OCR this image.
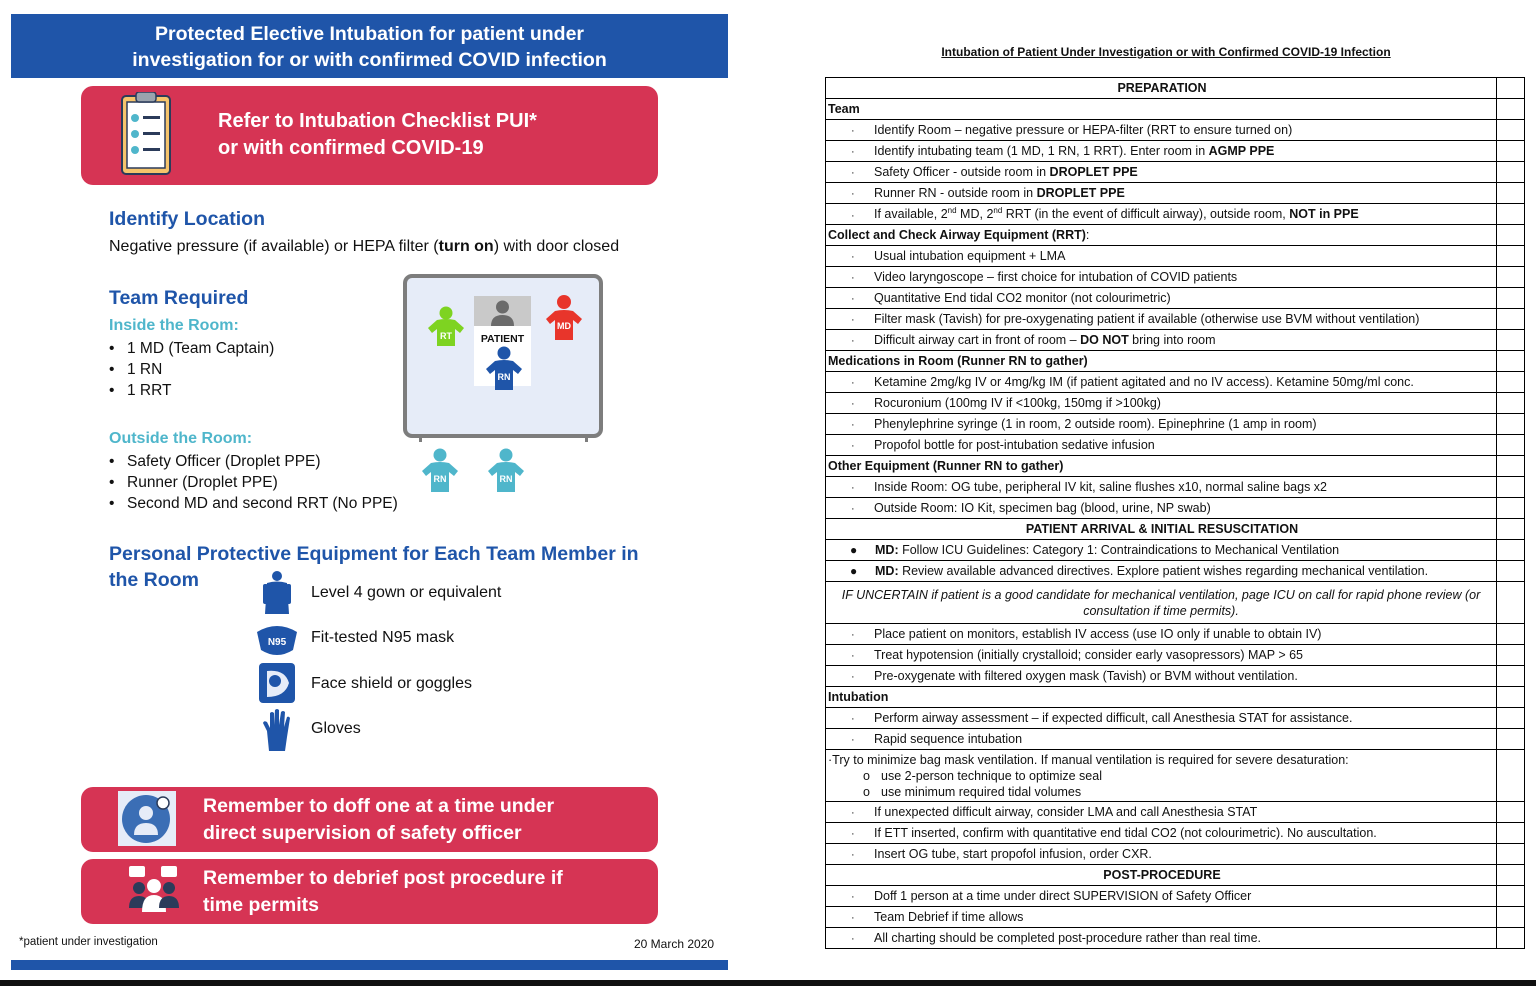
Protected Elective Intubation for patient under
investigation for or with confirmed COVID infection
Refer to Intubation Checklist PUI*
or with confirmed COVID-19
Identify Location
Negative pressure (if available) or HEPA filter (turn on) with door closed
Team Required
Inside the Room:
• 1 MD (Team Captain)
• 1 RN
• 1 RRT
Outside the Room:
• Safety Officer (Droplet PPE)
• Runner (Droplet PPE)
• Second MD and second RRT (No PPE)
PATIENT
RT
MD
RN
RN	RN
Personal Protective Equipment for Each Team Member in
the Room
Level 4 gown or equivalent
N95 Fit-tested N95 mask
Face shield or goggles
Gloves
Remember to doff one at a time under
direct supervision of safety officer
Remember to debrief post procedure if
time permits
*patient under investigation	20 March 2020
Intubation of Patient Under Investigation or with Confirmed COVID-19 Infection
PREPARATION	
Team	
· Identify Room – negative pressure or HEPA-filter (RRT to ensure turned on)	
· Identify intubating team (1 MD, 1 RN, 1 RRT). Enter room in AGMP PPE	
· Safety Officer - outside room in DROPLET PPE	
· Runner RN - outside room in DROPLET PPE	
· If available, 2nd MD, 2nd RRT (in the event of difficult airway), outside room, NOT in PPE	
Collect and Check Airway Equipment (RRT):	
· Usual intubation equipment + LMA	
· Video laryngoscope – first choice for intubation of COVID patients	
· Quantitative End tidal CO2 monitor (not colourimetric)	
· Filter mask (Tavish) for pre-oxygenating patient if available (otherwise use BVM without ventilation)	
· Difficult airway cart in front of room – DO NOT bring into room	
Medications in Room (Runner RN to gather)	
· Ketamine 2mg/kg IV or 4mg/kg IM (if patient agitated and no IV access). Ketamine 50mg/ml conc.	
· Rocuronium (100mg IV if <100kg, 150mg if >100kg)	
· Phenylephrine syringe (1 in room, 2 outside room). Epinephrine (1 amp in room)	
· Propofol bottle for post-intubation sedative infusion	
Other Equipment (Runner RN to gather)	
· Inside Room: OG tube, peripheral IV kit, saline flushes x10, normal saline bags x2	
· Outside Room: IO Kit, specimen bag (blood, urine, NP swab)	
PATIENT ARRIVAL & INITIAL RESUSCITATION	
● MD: Follow ICU Guidelines: Category 1: Contraindications to Mechanical Ventilation	
● MD: Review available advanced directives. Explore patient wishes regarding mechanical ventilation.	
IF UNCERTAIN if patient is a good candidate for mechanical ventilation, page ICU on call for rapid phone review (or consultation if time permits).	
· Place patient on monitors, establish IV access (use IO only if unable to obtain IV)	
· Treat hypotension (initially crystalloid; consider early vasopressors) MAP > 65	
· Pre-oxygenate with filtered oxygen mask (Tavish) or BVM without ventilation.	
Intubation	
· Perform airway assessment – if expected difficult, call Anesthesia STAT for assistance.	
· Rapid sequence intubation	
·Try to minimize bag mask ventilation. If manual ventilation is required for severe desaturation:
o use 2-person technique to optimize seal
o use minimum required tidal volumes	

· If unexpected difficult airway, consider LMA and call Anesthesia STAT	
· If ETT inserted, confirm with quantitative end tidal CO2 (not colourimetric). No auscultation.	
· Insert OG tube, start propofol infusion, order CXR.	
POST-PROCEDURE	
· Doff 1 person at a time under direct SUPERVISION of Safety Officer	
· Team Debrief if time allows	
· All charting should be completed post-procedure rather than real time.	
